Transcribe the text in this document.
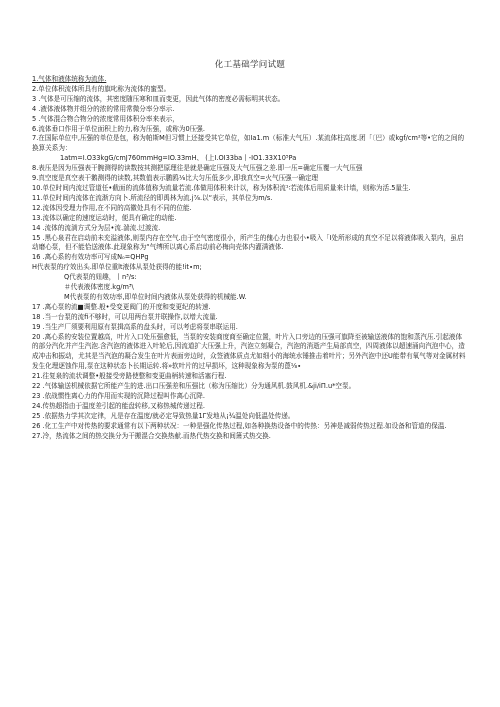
化工基础学问试题

1.气体和液体统称为流体.

2.单位体积流体所具有的旗叱称为流体的蜜型。

3 .气体是可压缩的流体，其密度随压寒和皿而变更，因此气体的密度必需标明其状态。

4 .液体液体物并组分的浓的常用常微分率分率示.

5 .气体混合物合物分的浓度常用体积分率来表示，

6.流体垂口作用于单位面积上的力,称为压强，或称为0压强.

7.在国际单位中,压强的单位是包，称为帕斯M但习惯上还接受其它单位，如Ia1.m（标准大气压）.某流体柱高度.团「〔巴）或kgf/cm²等•它的之间的换算关系为：

1atm=I.O33kgG/cmJ760mmHg=IO.33mH、 (上I.OI33ba丨-IO1.33X10⁵Pa

8.表压是因为压强表干腕测得的读数按其测把原理往是就是确定压强及大气压强之差.即一压=确定压覆一大气压强

9.真空度是真空表干鹅测得的读数,其数值表示鹏鸥⅛比大匀压低多少,即我真空=火气压强一确定理

10.单位时间内流过管道任•截面的流体值称为流量若流.体做用体积来计以，称为体积流¹∶若流体后用质量来计墙，则称为活.5量生.

11.单位时间内流体在流渐方向卜.所流径的即禹林为流.j⅞.以“表示，其单位为m/s.

12.流体因受理力作用,在不同的高徽处具有不同的位能.

13.流体以确定的速度运动时，便具有确定的动能.

14 .流体的流淌方式分为层•流.湍流.过渡流.

15 .黑心泉君在启动前未充溢液体,则泵内存在空气.由于空气密度很小，所产生的傀心力也很小•吸入「I处所形成的真空不足以将液体吸入泵内，虽启动磨心泵，但不能恰送液体.此现象称为“气缚所以离心系启动前必梅向壳体内灌满液体.

16 .离心系的有效功率可写成N₀=QHPg

H代表泵的疗效出头.即单位重lt液体从泵处获得的能!it∙m;

Q代表泵的妞趣，丨n³/s:

＃代表液体密度.kg/m³\

M代表泵的有效功率,即单位时间内液体从泵处获得的机械能.W.

17 .离心泵的流■调整.般•受变更阀门的开度和变更纪的转速.

18 .当一台泵的流fi不够时，可以用两台泵并联操作,以增大流量.

19 .当生产厂须要利用原有泵揖高系的盘头时，可以考虑将泵串联运用.

20 .离心系的安装位置越高，叶片入口处压强愈低，当泵的安装商度商至确定位置，叶片入口旁边的压强可旗降至被输送液体的饱和蒸汽压.引起液体的部分汽化并产生汽泡.含汽泡的液体进入叶轮后,因流道扩大压强上升，汽泡立刻凝合，汽泡的消逝产生局部真空，四周液体以超速涌向汽泡中心，造成冲击和振动，尤其是当汽泡的凝合发生在叶片表面旁边时，众签液体质点尤如细小的海统水锤推击着叶片；另外汽泡中还U能带有氧气等对金属材料发生化理逐蚀作用,泵在这种状态卜长期运转.将»软叶片的过早损坏，这种现象称为泵的蓖⅛∙

21.往复泉的流状调整•般接受旁路使整和变更曲柄转速和活塞行程.

22 .气体输送机械依据它所能产生的进.出口压强差和压强比（称为压缩比）分为通风机.鼓风机.&ji∕iΠ.u*空泵。

23 .依战惯性离心力的作用而实现的沉降过程叫作离心沉降.

24.传热超指由于温度差引起的能盘转移,又称热城传递过程.

25 .依据热力学其次定律，凡是存在温度/就必定导致热量1Γ发地从¡¾温处向低温处传递。

26 .化工生产中对传热的要求通常有以下两种状况：一种是强化传热过程,如各种换热设备中的传热：另神是减弱传热过程.如设备和管道的保温.

27.冷，热流体之间的热交换分为干搬混合交换热献.而热代热交换和间箫式热交换.
